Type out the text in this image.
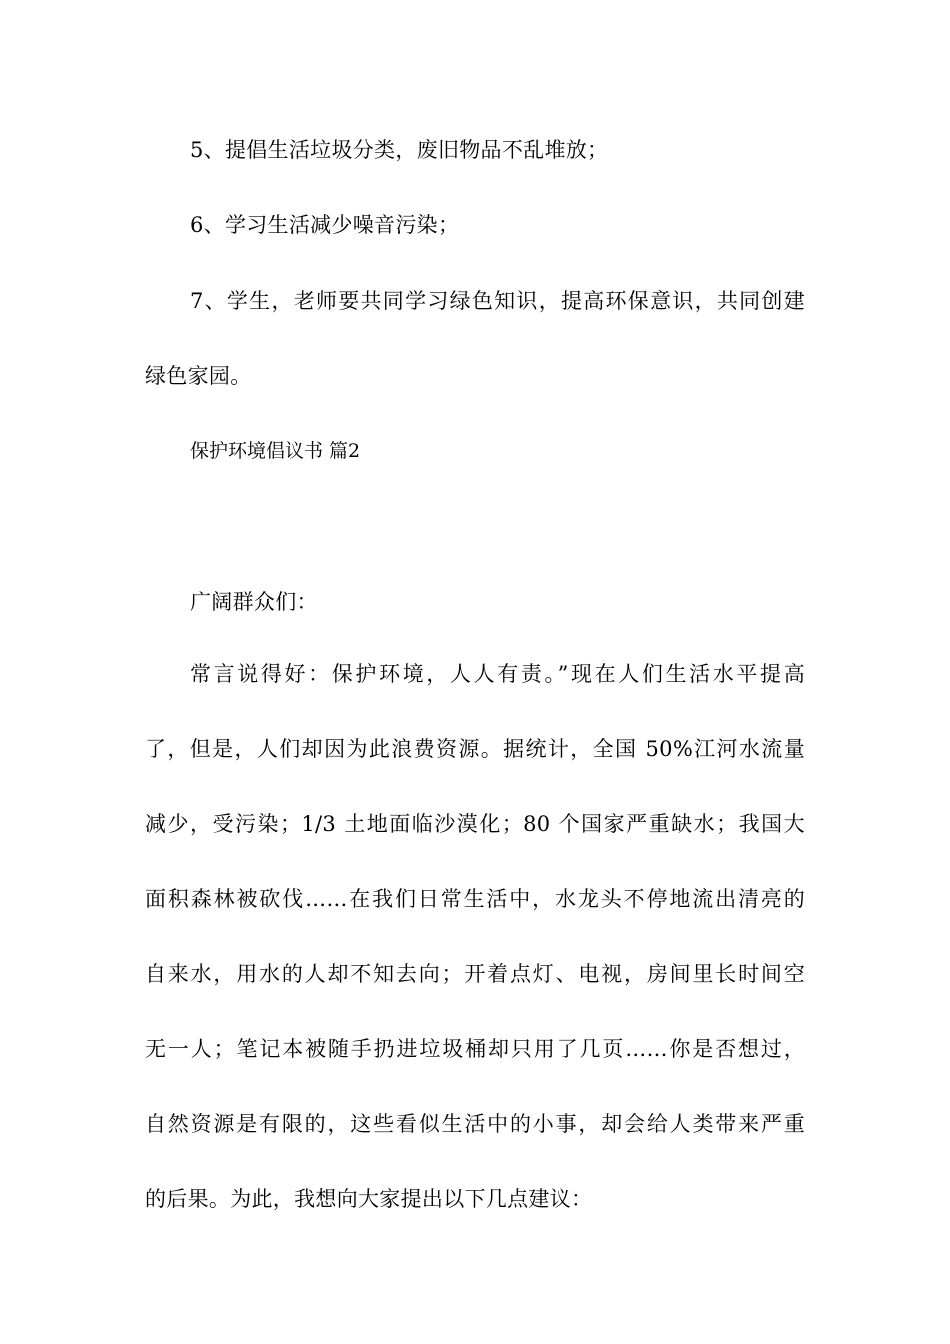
5、提倡生活垃圾分类，废旧物品不乱堆放；
6、学习生活减少噪音污染；
7、学生，老师要共同学习绿色知识，提高环保意识，共同创建
绿色家园。
保护环境倡议书 篇2
广阔群众们：
常言说得好：保护环境，人人有责。”现在人们生活水平提高
了，但是，人们却因为此浪费资源。据统计，全国 50%江河水流量
减少，受污染；1/3 土地面临沙漠化；80 个国家严重缺水；我国大
面积森林被砍伐……在我们日常生活中，水龙头不停地流出清亮的
自来水，用水的人却不知去向；开着点灯、电视，房间里长时间空
无一人；笔记本被随手扔进垃圾桶却只用了几页……你是否想过，
自然资源是有限的，这些看似生活中的小事，却会给人类带来严重
的后果。为此，我想向大家提出以下几点建议：
